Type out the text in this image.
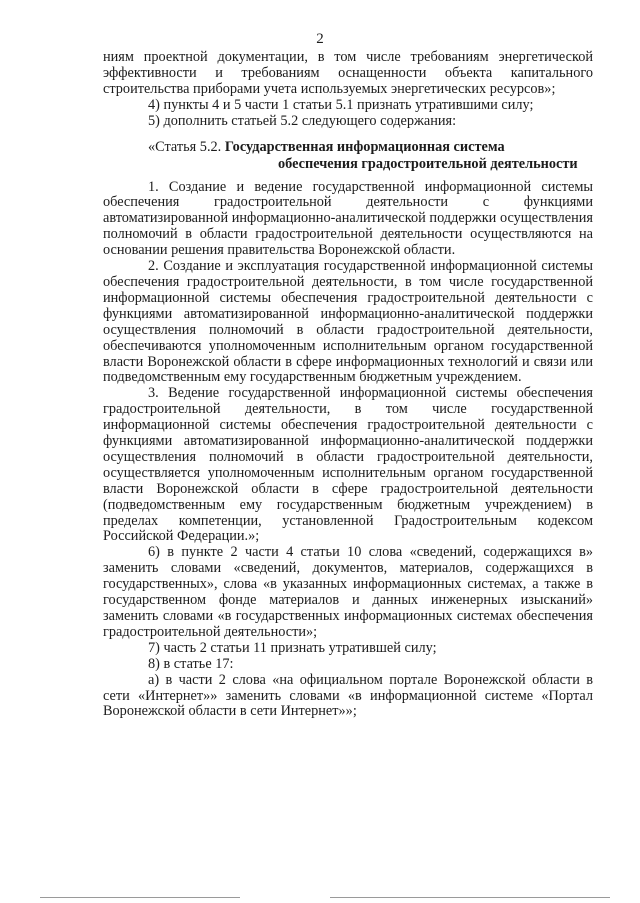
2

ниям проектной документации, в том числе требованиям энергетической эффективности и требованиям оснащенности объекта капитального строительства приборами учета используемых энергетических ресурсов»;

4) пункты 4 и 5 части 1 статьи 5.1 признать утратившими силу;

5) дополнить статьей 5.2 следующего содержания:

«Статья 5.2. Государственная информационная система
обеспечения градостроительной деятельности

1. Создание и ведение государственной информационной системы обеспечения градостроительной деятельности с функциями автоматизированной информационно-аналитической поддержки осуществления полномочий в области градостроительной деятельности осуществляются на основании решения правительства Воронежской области.

2. Создание и эксплуатация государственной информационной системы обеспечения градостроительной деятельности, в том числе государственной информационной системы обеспечения градостроительной деятельности с функциями автоматизированной информационно-аналитической поддержки осуществления полномочий в области градостроительной деятельности, обеспечиваются уполномоченным исполнительным органом государственной власти Воронежской области в сфере информационных технологий и связи или подведомственным ему государственным бюджетным учреждением.

3. Ведение государственной информационной системы обеспечения градостроительной деятельности, в том числе государственной информационной системы обеспечения градостроительной деятельности с функциями автоматизированной информационно-аналитической поддержки осуществления полномочий в области градостроительной деятельности, осуществляется уполномоченным исполнительным органом государственной власти Воронежской области в сфере градостроительной деятельности (подведомственным ему государственным бюджетным учреждением) в пределах компетенции, установленной Градостроительным кодексом Российской Федерации.»;

6) в пункте 2 части 4 статьи 10 слова «сведений, содержащихся в» заменить словами «сведений, документов, материалов, содержащихся в государственных», слова «в указанных информационных системах, а также в государственном фонде материалов и данных инженерных изысканий» заменить словами «в государственных информационных системах обеспечения градостроительной деятельности»;

7) часть 2 статьи 11 признать утратившей силу;

8) в статье 17:

а) в части 2 слова «на официальном портале Воронежской области в сети «Интернет»» заменить словами «в информационной системе «Портал Воронежской области в сети Интернет»»;
